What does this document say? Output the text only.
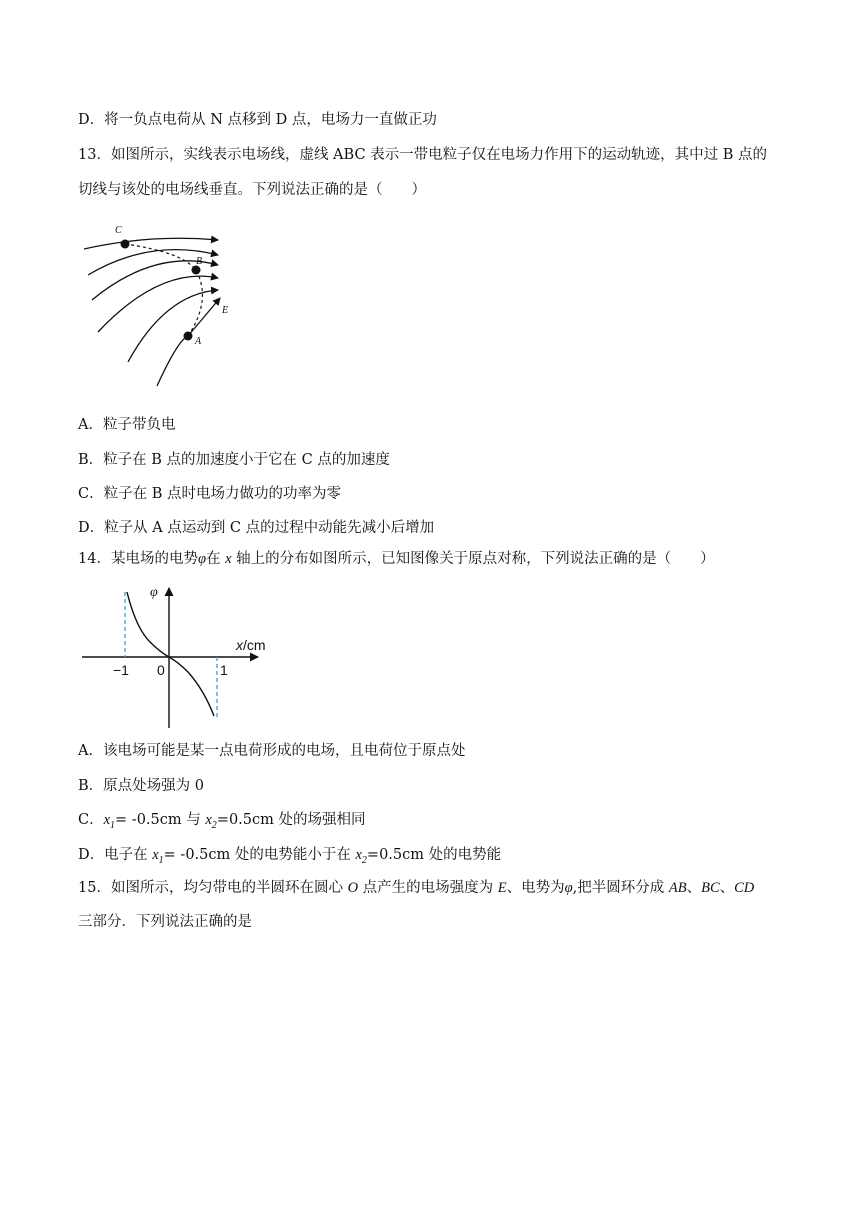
D．将一负点电荷从 N 点移到 D 点，电场力一直做正功
13．如图所示，实线表示电场线，虚线 ABC 表示一带电粒子仅在电场力作用下的运动轨迹，其中过 B 点的
切线与该处的电场线垂直。下列说法正确的是（　　）
C
B
E
A
A．粒子带负电
B．粒子在 B 点的加速度小于它在 C 点的加速度
C．粒子在 B 点时电场力做功的功率为零
D．粒子从 A 点运动到 C 点的过程中动能先减小后增加
14．某电场的电势φ在 x 轴上的分布如图所示，已知图像关于原点对称，下列说法正确的是（　　）
φ
x/cm
−1 0	1
A．该电场可能是某一点电荷形成的电场，且电荷位于原点处
B．原点处场强为 0
C．$x_1= -0.5cm$ 与 $x_2=0.5cm$ 处的场强相同
D．电子在 $x_1= -0.5cm$ 处的电势能小于在 $x_2=0.5cm$ 处的电势能
15．如图所示，均匀带电的半圆环在圆心 O 点产生的电场强度为 E、电势为φ,把半圆环分成 AB、BC、CD
三部分．下列说法正确的是
